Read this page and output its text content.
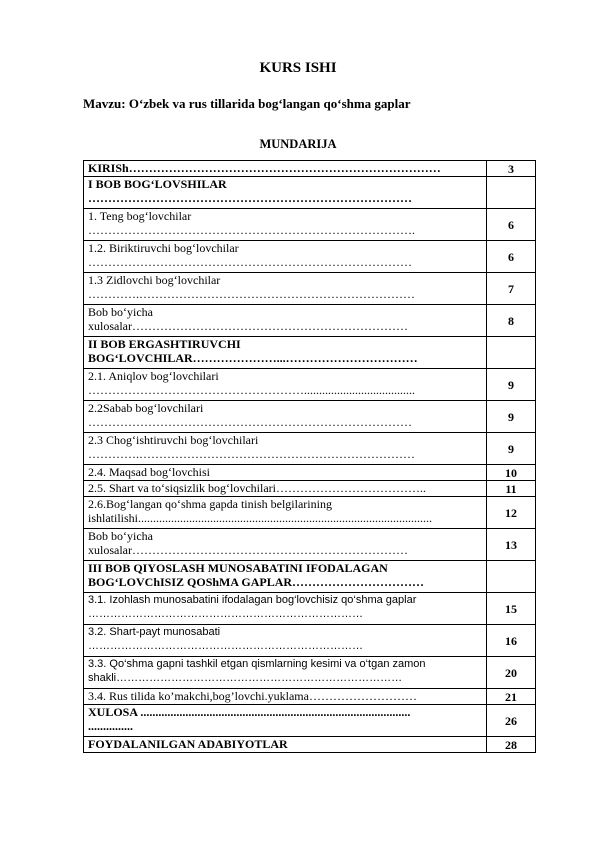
KURS ISHI
Mavzu: O‘zbek va rus tillarida bog‘langan qo‘shma gaplar
MUNDARIJA
KIRISh……………………………………………………………………	3
I BOB BOG‘LOVSHILAR
………………………………………………………………………	
1. Teng bog‘lovchilar
……………………………………………………………………….	6
1.2. Biriktiruvchi bog‘lovchilar
………………………………………………………………………	6
1.3 Zidlovchi bog‘lovchilar
………….……………………………………………………………	7
Bob bo‘yicha
xulosalar……………………………………………………………	8
II BOB ERGASHTIRUVCHI
BOG‘LOVCHILAR…………………...……………………………	
2.1. Aniqlov bog‘lovchilari
……………………………………………….....................................	9
2.2Sabab bog‘lovchilari
………………………………………………………………………	9
2.3 Chog‘ishtiruvchi bog‘lovchilari
………….……………………………………………………………	9
2.4. Maqsad bog‘lovchisi	10
2.5. Shart va to‘siqsizlik bog‘lovchilari………………………………..	11
2.6.Bog‘langan qo‘shma gapda tinish belgilarining
ishlatilishi..................................................................................................	12
Bob bo‘yicha
xulosalar……………………………………………………………	13
III BOB QIYOSLASH MUNOSABATINI IFODALAGAN
BOG‘LOVChISIZ QOShMA GAPLAR……………………………	
3.1. Izohlash munosabatini ifodalagan bog‘lovchisiz qo‘shma gaplar
…………………………………………………………………	15
3.2. Shart-payt munosabati
…………………………………………………………………	16
3.3. Qo‘shma gapni tashkil etgan qismlarning kesimi va o‘tgan zamon
shakli……………………………………………………………………	20
3.4. Rus tilida ko’makchi,bog’lovchi.yuklama………………………	21
XULOSA ..........................................................................................
...............	26
FOYDALANILGAN ADABIYOTLAR	28
